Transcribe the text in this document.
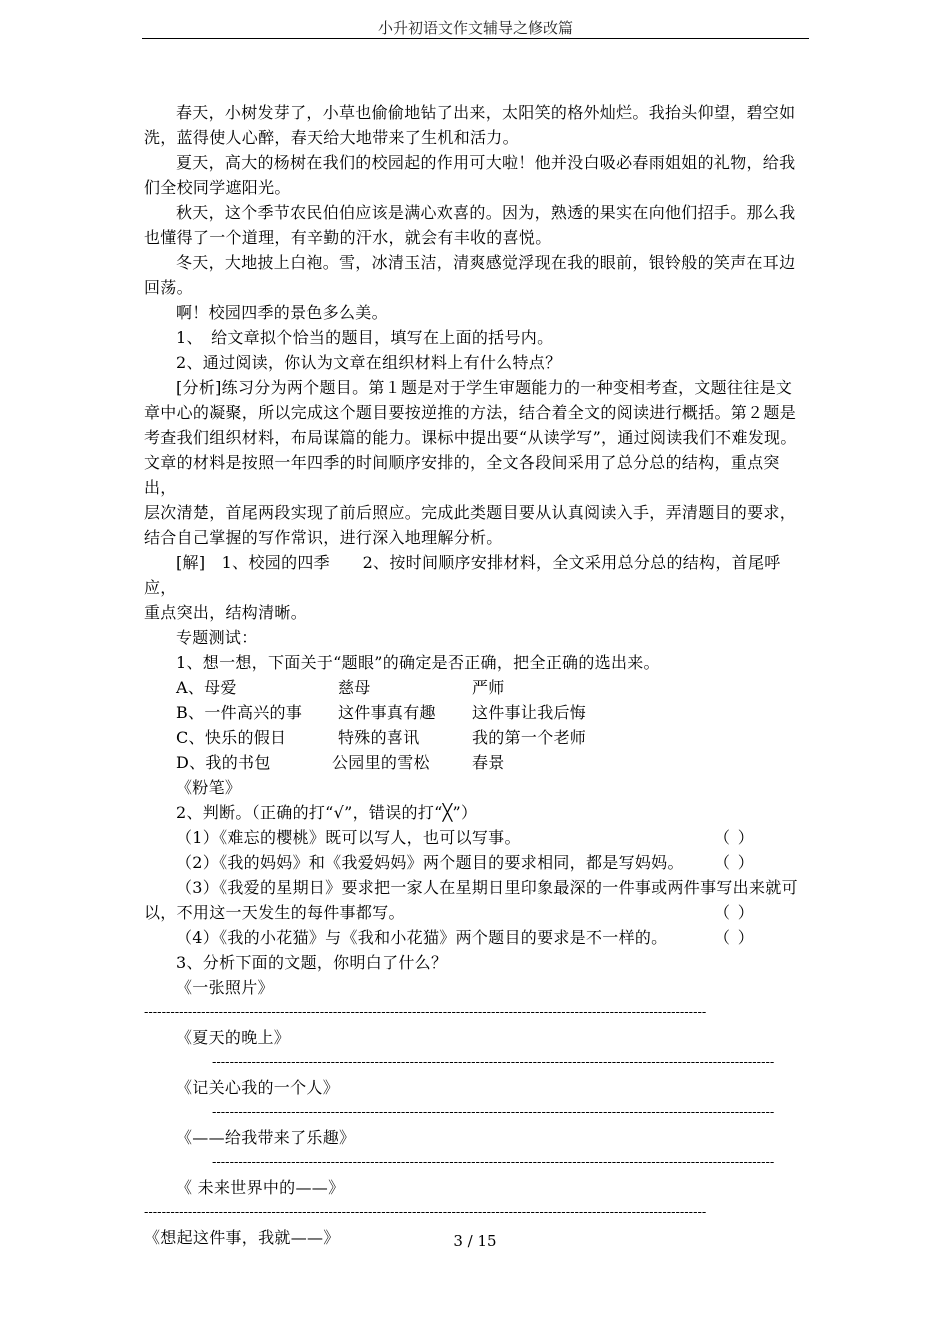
小升初语文作文辅导之修改篇

春天，小树发芽了，小草也偷偷地钻了出来，太阳笑的格外灿烂。我抬头仰望，碧空如

洗，蓝得使人心醉，春天给大地带来了生机和活力。

夏天，高大的杨树在我们的校园起的作用可大啦！他并没白吸必春雨姐姐的礼物，给我

们全校同学遮阳光。

秋天，这个季节农民伯伯应该是满心欢喜的。因为，熟透的果实在向他们招手。那么我

也懂得了一个道理，有辛勤的汗水，就会有丰收的喜悦。

冬天，大地披上白袍。雪，冰清玉洁，清爽感觉浮现在我的眼前，银铃般的笑声在耳边

回荡。

啊！校园四季的景色多么美。

1、　给文章拟个恰当的题目，填写在上面的括号内。

2、通过阅读，你认为文章在组织材料上有什么特点？

[分析]练习分为两个题目。第１题是对于学生审题能力的一种变相考查，文题往往是文

章中心的凝聚，所以完成这个题目要按逆推的方法，结合着全文的阅读进行概括。第２题是
考查我们组织材料，布局谋篇的能力。课标中提出要“从读学写”，通过阅读我们不难发现。
文章的材料是按照一年四季的时间顺序安排的，全文各段间采用了总分总的结构，重点突出，
层次清楚，首尾两段实现了前后照应。完成此类题目要从认真阅读入手，弄清题目的要求，
结合自己掌握的写作常识，进行深入地理解分析。

[解]　1、校园的四季　　2、按时间顺序安排材料，全文采用总分总的结构，首尾呼应，

重点突出，结构清晰。

专题测试：

1、想一想，下面关于“题眼”的确定是否正确，把全正确的选出来。

A、母爱	慈母	严师
B、一件高兴的事	这件事真有趣	这件事让我后悔
C、快乐的假日	特殊的喜讯	我的第一个老师
D、我的书包	公园里的雪松	春景
《粉笔》

2、判断。（正确的打“√”，错误的打“╳”）

（1）《难忘的樱桃》既可以写人，也可以写事。	（ ）
（2）《我的妈妈》和《我爱妈妈》两个题目的要求相同，都是写妈妈。	（ ）
（3）《我爱的星期日》要求把一家人在星期日里印象最深的一件事或两件事写出来就可
以，不用这一天发生的每件事都写。	（ ）
（4）《我的小花猫》与《我和小花猫》两个题目的要求是不一样的。	（ ）

3、分析下面的文题，你明白了什么？

《一张照片》
--------------------------------------------------------------------------------------------------------------------------------
《夏天的晚上》
--------------------------------------------------------------------------------------------------------------------------------
《记关心我的一个人》
--------------------------------------------------------------------------------------------------------------------------------
《——给我带来了乐趣》
--------------------------------------------------------------------------------------------------------------------------------
《 未来世界中的——》
--------------------------------------------------------------------------------------------------------------------------------
《想起这件事，我就——》	3 / 15
